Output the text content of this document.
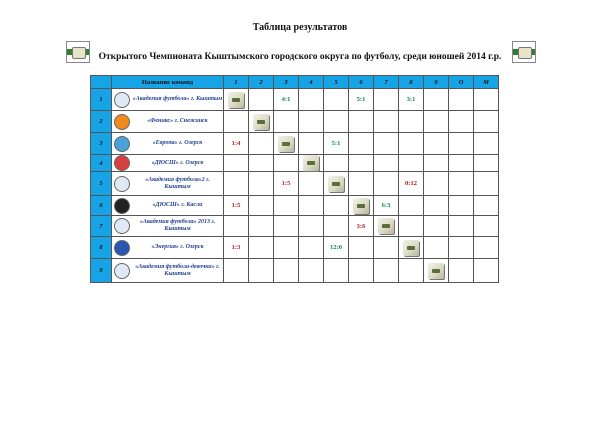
Таблица результатов
Открытого Чемпионата Кыштымского городского округа по футболу, среди юношей 2014 г.р.
	Название команд	1	2	3	4	5	6	7	8	9	О	М
1	«Академия футбола» г. Кыштым			4:1			5:1		3:1			
2	«Феникс» г. Снежинск											

3	«Европа» г. Озерск	1:4				5:1						
4	«ДЮСШ» г. Озерск											

5	«Академия футбола»2 г. Кыштым			1:5					0:12			
6	«ДЮСШ» г. Касли	1:5						6:3				
7	«Академия футбола» 2013 г. Кыштым						3:6	

8	«Энергия» г. Озерск	1:3				12:0			

9	«Академия футбола-девочки» г. Кыштым											
